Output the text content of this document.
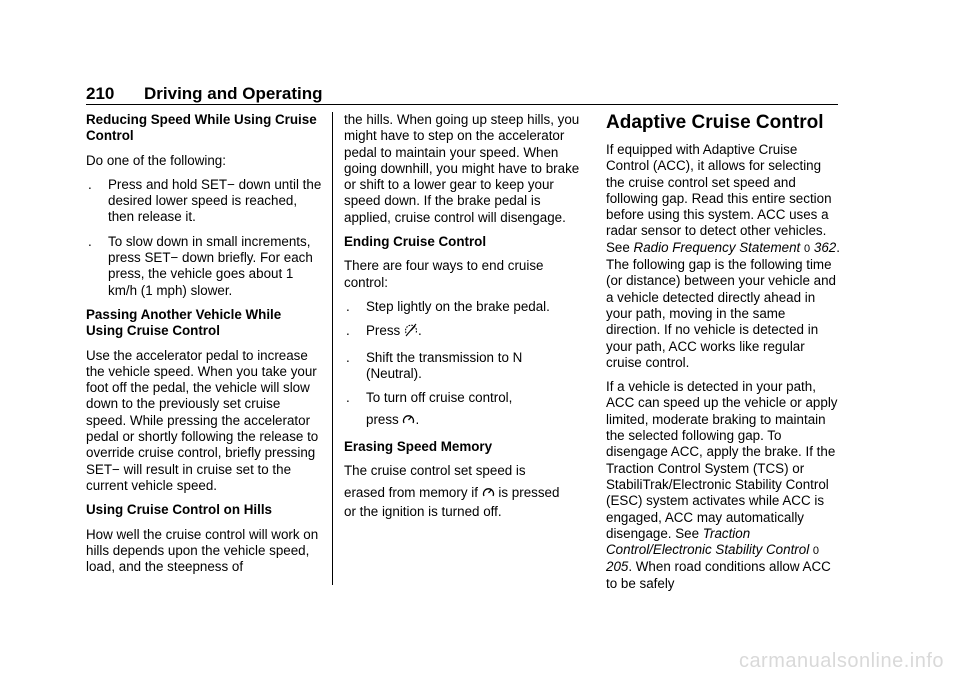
210 Driving and Operating

Reducing Speed While Using Cruise Control

Do one of the following:

. Press and hold SET− down until the desired lower speed is reached, then release it.
. To slow down in small increments, press SET− down briefly. For each press, the vehicle goes about 1 km/h (1 mph) slower.

Passing Another Vehicle While Using Cruise Control

Use the accelerator pedal to increase the vehicle speed. When you take your foot off the pedal, the vehicle will slow down to the previously set cruise speed. While pressing the accelerator pedal or shortly following the release to override cruise control, briefly pressing SET− will result in cruise set to the current vehicle speed.

Using Cruise Control on Hills

How well the cruise control will work on hills depends upon the vehicle speed, load, and the steepness of

the hills. When going up steep hills, you might have to step on the accelerator pedal to maintain your speed. When going downhill, you might have to brake or shift to a lower gear to keep your speed down. If the brake pedal is applied, cruise control will disengage.

Ending Cruise Control

There are four ways to end cruise control:

. Step lightly on the brake pedal.
. Press .
. Shift the transmission to N (Neutral).
. To turn off cruise control,

press .

Erasing Speed Memory

The cruise control set speed is

erased from memory if  is pressed

or the ignition is turned off.

Adaptive Cruise Control

If equipped with Adaptive Cruise Control (ACC), it allows for selecting the cruise control set speed and following gap. Read this entire section before using this system. ACC uses a radar sensor to detect other vehicles. See Radio Frequency Statement 0 362. The following gap is the following time (or distance) between your vehicle and a vehicle detected directly ahead in your path, moving in the same direction. If no vehicle is detected in your path, ACC works like regular cruise control.

If a vehicle is detected in your path, ACC can speed up the vehicle or apply limited, moderate braking to maintain the selected following gap. To disengage ACC, apply the brake. If the Traction Control System (TCS) or StabiliTrak/Electronic Stability Control (ESC) system activates while ACC is engaged, ACC may automatically disengage. See Traction Control/Electronic Stability Control 0 205. When road conditions allow ACC to be safely

carmanualsonline.info
